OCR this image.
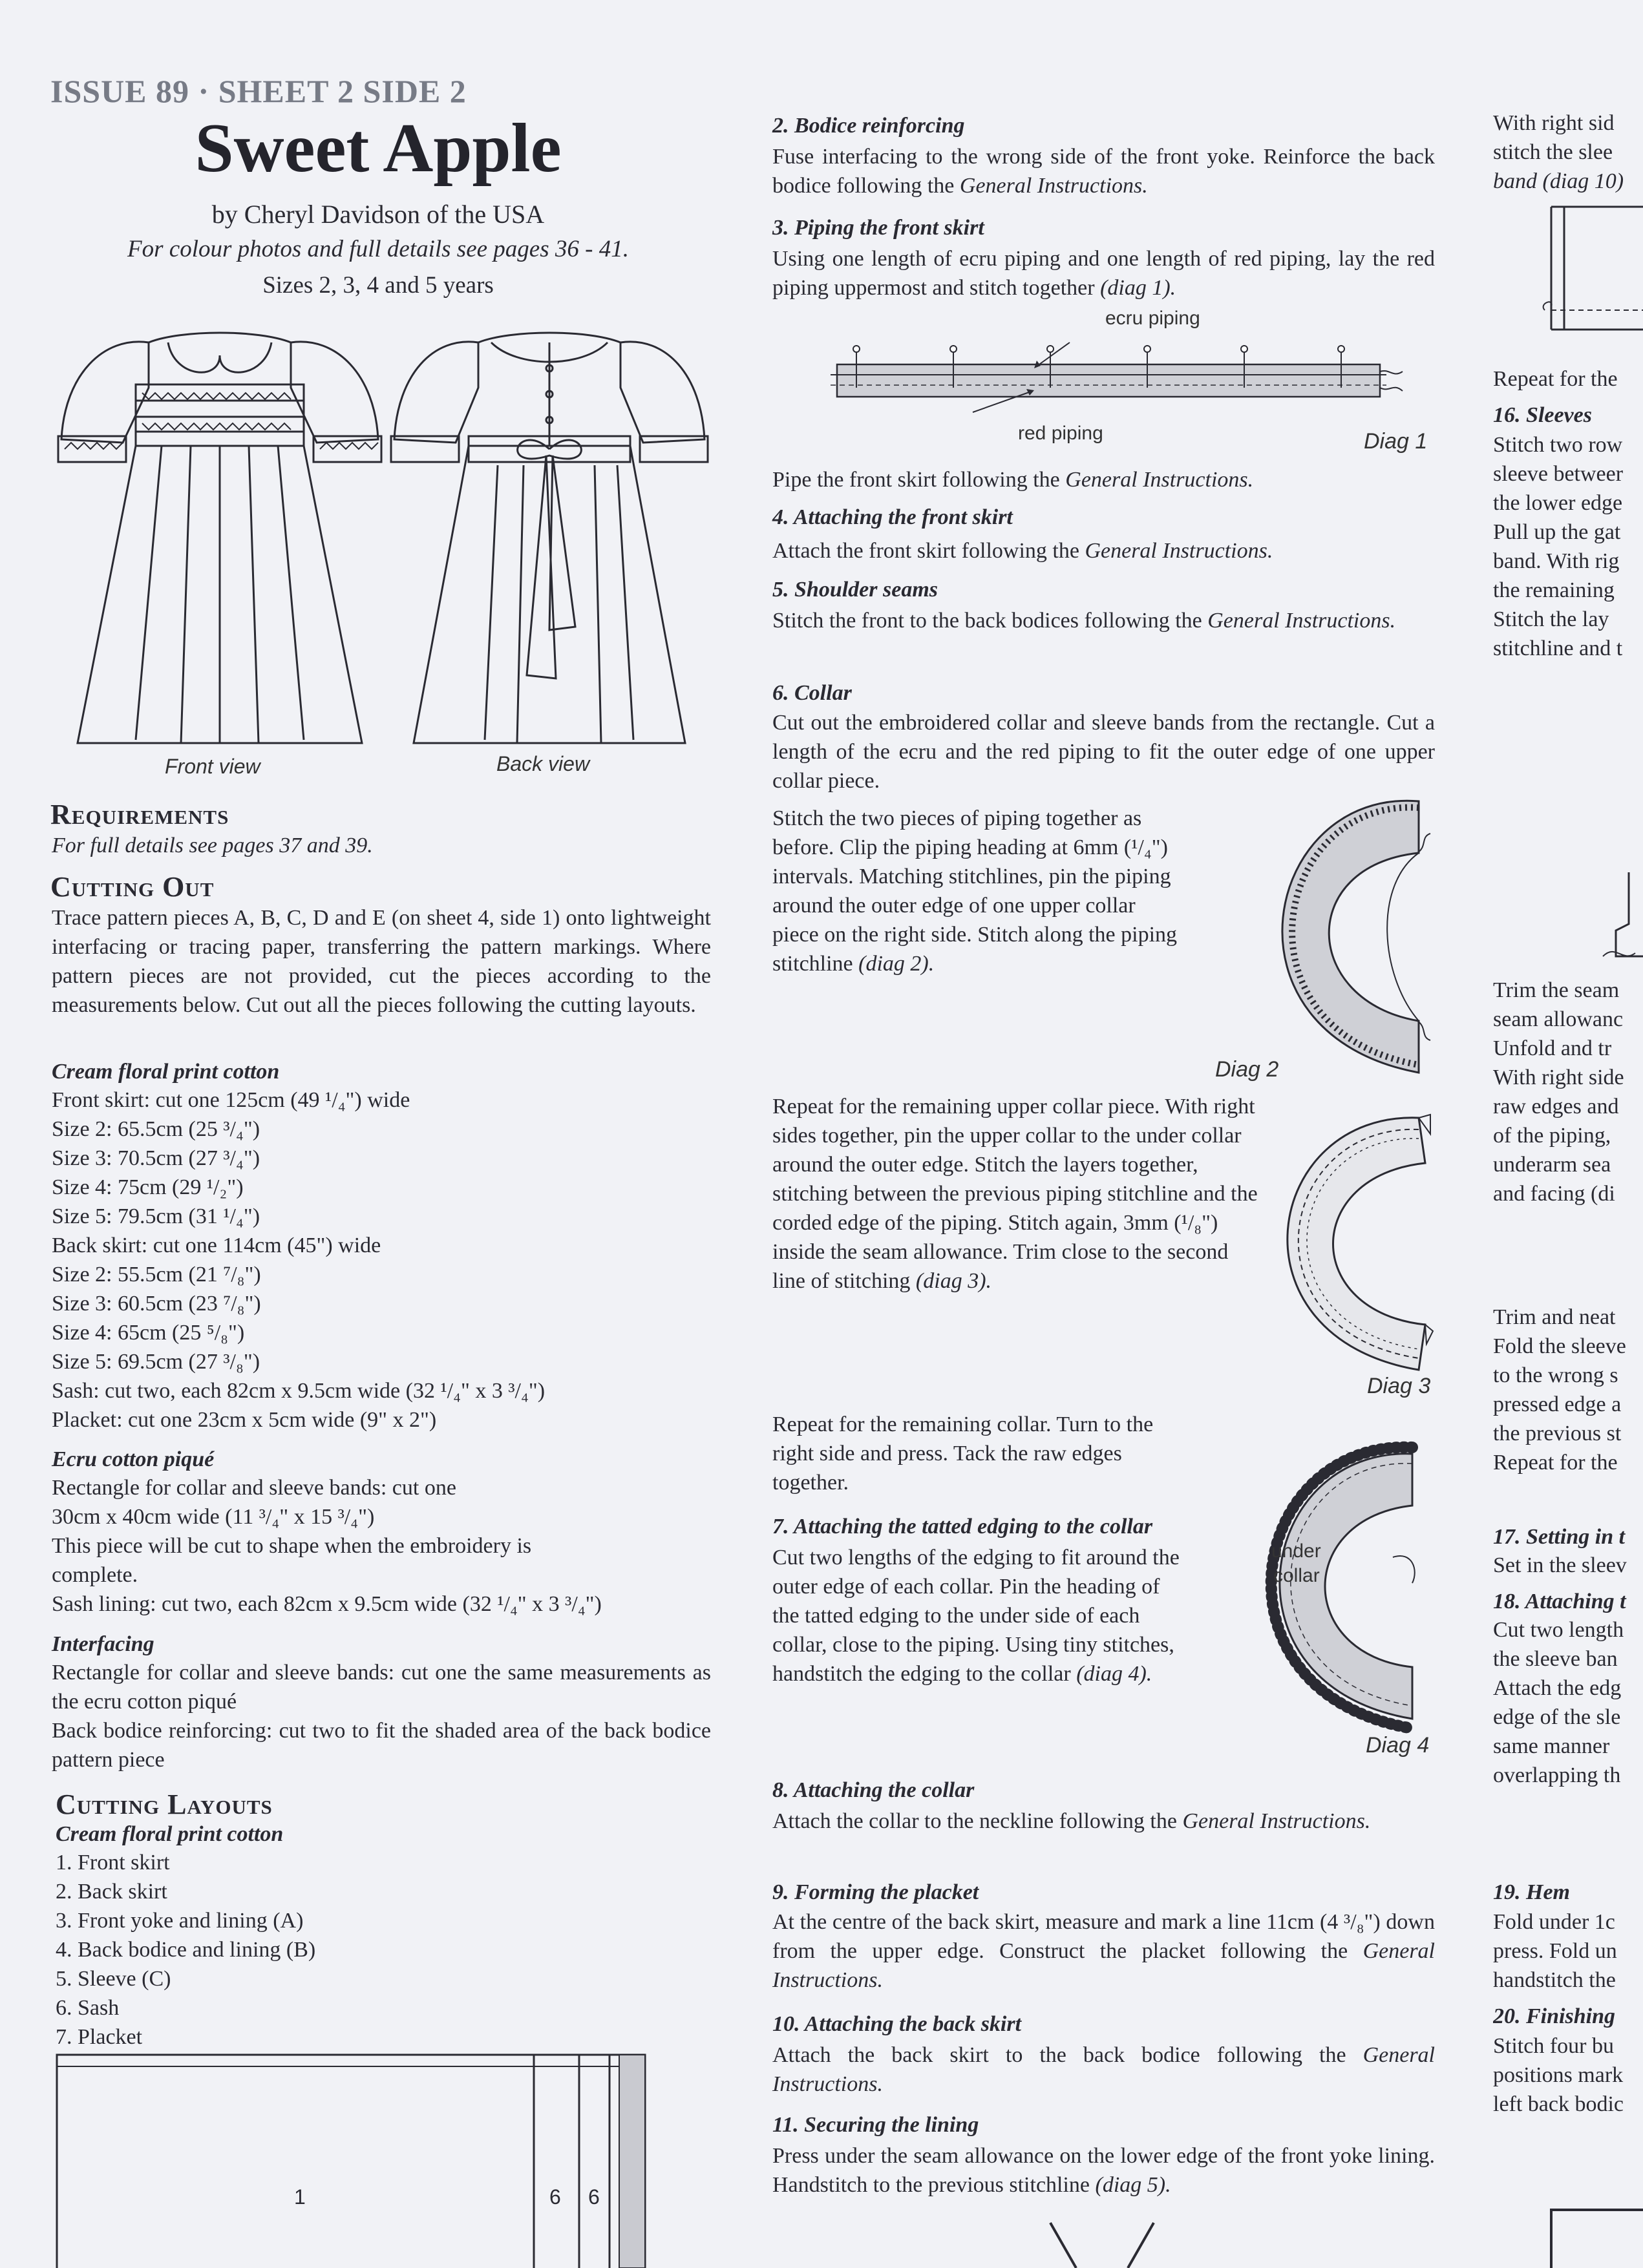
ISSUE 89 · SHEET 2 SIDE 2
Sweet Apple
by Cheryl Davidson of the USA
For colour photos and full details see pages 36 - 41.
Sizes 2, 3, 4 and 5 years
Front view	Back view
Requirements
For full details see pages 37 and 39.
Cutting Out
Trace pattern pieces A, B, C, D and E (on sheet 4, side 1) onto lightweight interfacing or tracing paper, transferring the pattern markings. Where pattern pieces are not provided, cut the pieces according to the measurements below. Cut out all the pieces following the cutting layouts.
Cream floral print cotton
Front skirt: cut one 125cm (49 ¹/₄") wide
Size 2: 65.5cm (25 ³/₄")
Size 3: 70.5cm (27 ³/₄")
Size 4: 75cm (29 ¹/₂")
Size 5: 79.5cm (31 ¹/₄")
Back skirt: cut one 114cm (45") wide
Size 2: 55.5cm (21 ⁷/₈")
Size 3: 60.5cm (23 ⁷/₈")
Size 4: 65cm (25 ⁵/₈")
Size 5: 69.5cm (27 ³/₈")
Sash: cut two, each 82cm x 9.5cm wide (32 ¹/₄" x 3 ³/₄")
Placket: cut one 23cm x 5cm wide (9" x 2")
Ecru cotton piqué
Rectangle for collar and sleeve bands: cut one
30cm x 40cm wide (11 ³/₄" x 15 ³/₄")
This piece will be cut to shape when the embroidery is
complete.
Sash lining: cut two, each 82cm x 9.5cm wide (32 ¹/₄" x 3 ³/₄")
Interfacing
Rectangle for collar and sleeve bands: cut one the same measurements as the ecru cotton piqué
Back bodice reinforcing: cut two to fit the shaded area of the back bodice pattern piece
Cutting Layouts
Cream floral print cotton
1. Front skirt
2. Back skirt
3. Front yoke and lining (A)
4. Back bodice and lining (B)
5. Sleeve (C)
6. Sash
7. Placket
1	6 6
2. Bodice reinforcing
Fuse interfacing to the wrong side of the front yoke. Reinforce the back bodice following the General Instructions.
3. Piping the front skirt
Using one length of ecru piping and one length of red piping, lay the red piping uppermost and stitch together (diag 1).
ecru piping
red piping	Diag 1
Pipe the front skirt following the General Instructions.
4. Attaching the front skirt
Attach the front skirt following the General Instructions.
5. Shoulder seams
Stitch the front to the back bodices following the General Instructions.
6. Collar
Cut out the embroidered collar and sleeve bands from the rectangle. Cut a length of the ecru and the red piping to fit the outer edge of one upper collar piece.
Stitch the two pieces of piping together as before. Clip the piping heading at 6mm (¹/₄") intervals. Matching stitchlines, pin the piping around the outer edge of one upper collar piece on the right side. Stitch along the piping stitchline (diag 2).
Diag 2
Repeat for the remaining upper collar piece. With right sides together, pin the upper collar to the under collar around the outer edge. Stitch the layers together, stitching between the previous piping stitchline and the corded edge of the piping. Stitch again, 3mm (¹/₈") inside the seam allowance. Trim close to the second line of stitching (diag 3).
Diag 3
Repeat for the remaining collar. Turn to the right side and press. Tack the raw edges together.
7. Attaching the tatted edging to the collar
Cut two lengths of the edging to fit around the outer edge of each collar. Pin the heading of the tatted edging to the under side of each collar, close to the piping. Using tiny stitches, handstitch the edging to the collar (diag 4).
under
collar
Diag 4
8. Attaching the collar
Attach the collar to the neckline following the General Instructions.
9. Forming the placket
At the centre of the back skirt, measure and mark a line 11cm (4 ³/₈") down from the upper edge. Construct the placket following the General Instructions.
10. Attaching the back skirt
Attach the back skirt to the back bodice following the General Instructions.
11. Securing the lining
Press under the seam allowance on the lower edge of the front yoke lining. Handstitch to the previous stitchline (diag 5).
With right sid
stitch the slee
band (diag 10)
Repeat for the
16. Sleeves
Stitch two row
sleeve betweer
the lower edge
Pull up the gat
band. With rig
the remaining
Stitch the lay
stitchline and t
Trim the seam
seam allowanc
Unfold and tr
With right side
raw edges and
of the piping,
underarm sea
and facing (di
Trim and neat
Fold the sleeve
to the wrong s
pressed edge a
the previous st
Repeat for the
17. Setting in t
Set in the sleev
18. Attaching t
Cut two length
the sleeve ban
Attach the edg
edge of the sle
same manner
overlapping th
19. Hem
Fold under 1c
press. Fold un
handstitch the
20. Finishing
Stitch four bu
positions mark
left back bodic
